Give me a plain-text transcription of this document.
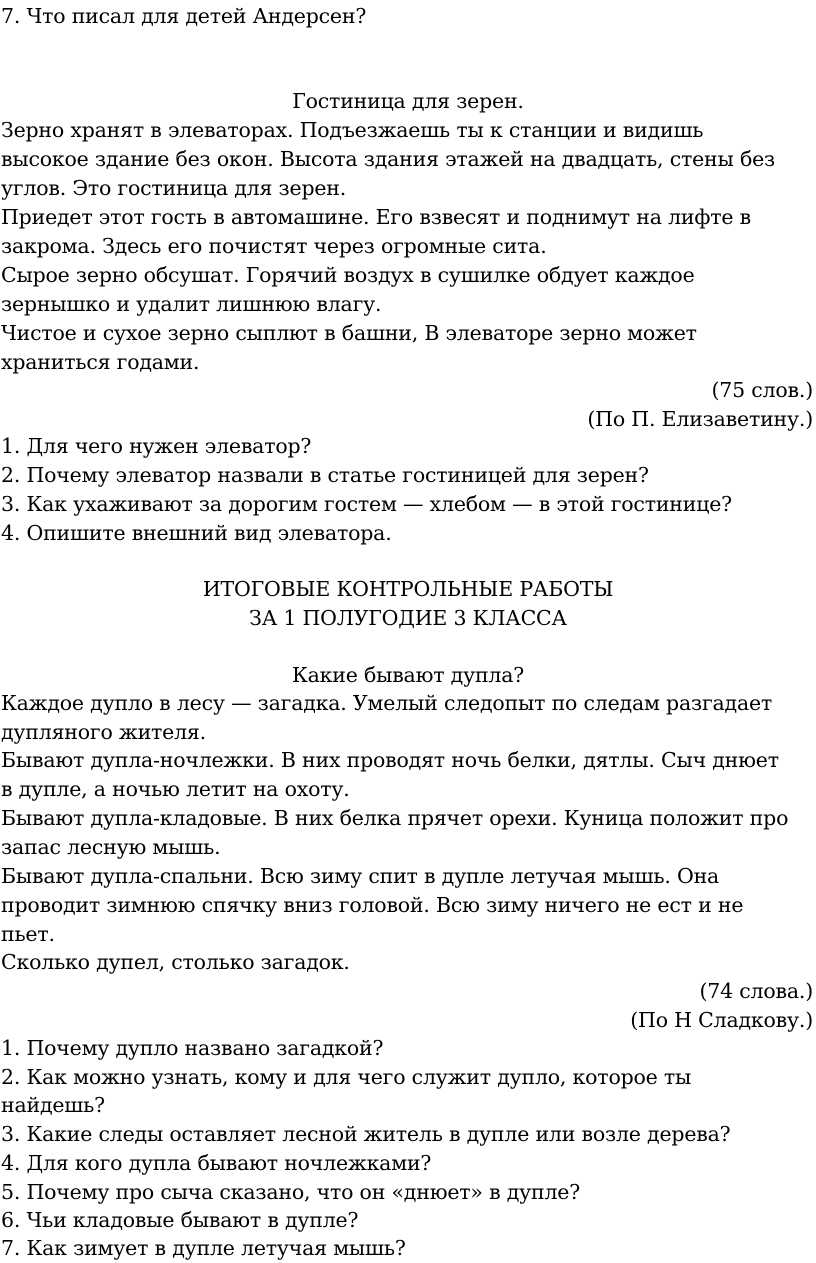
7. Что писал для детей Андерсен?
Гостиница для зерен.
Зерно хранят в элеваторах. Подъезжаешь ты к станции и видишь
высокое здание без окон. Высота здания этажей на двадцать, стены без
углов. Это гостиница для зерен.
Приедет этот гость в автомашине. Его взвесят и поднимут на лифте в
закрома. Здесь его почистят через огромные сита.
Сырое зерно обсушат. Горячий воздух в сушилке обдует каждое
зернышко и удалит лишнюю влагу.
Чистое и сухое зерно сыплют в башни, В элеваторе зерно может
храниться годами.
(75 слов.)
(По П. Елизаветину.)
1. Для чего нужен элеватор?
2. Почему элеватор назвали в статье гостиницей для зерен?
3. Как ухаживают за дорогим гостем — хлебом — в этой гостинице?
4. Опишите внешний вид элеватора.
ИТОГОВЫЕ КОНТРОЛЬНЫЕ РАБОТЫ
ЗА 1 ПОЛУГОДИЕ 3 КЛАССА
Какие бывают дупла?
Каждое дупло в лесу — загадка. Умелый следопыт по следам разгадает
дупляного жителя.
Бывают дупла-ночлежки. В них проводят ночь белки, дятлы. Сыч днюет
в дупле, а ночью летит на охоту.
Бывают дупла-кладовые. В них белка прячет орехи. Куница положит про
запас лесную мышь.
Бывают дупла-спальни. Всю зиму спит в дупле летучая мышь. Она
проводит зимнюю спячку вниз головой. Всю зиму ничего не ест и не
пьет.
Сколько дупел, столько загадок.
(74 слова.)
(По Н Сладкову.)
1. Почему дупло названо загадкой?
2. Как можно узнать, кому и для чего служит дупло, которое ты
найдешь?
3. Какие следы оставляет лесной житель в дупле или возле дерева?
4. Для кого дупла бывают ночлежками?
5. Почему про сыча сказано, что он «днюет» в дупле?
6. Чьи кладовые бывают в дупле?
7. Как зимует в дупле летучая мышь?
